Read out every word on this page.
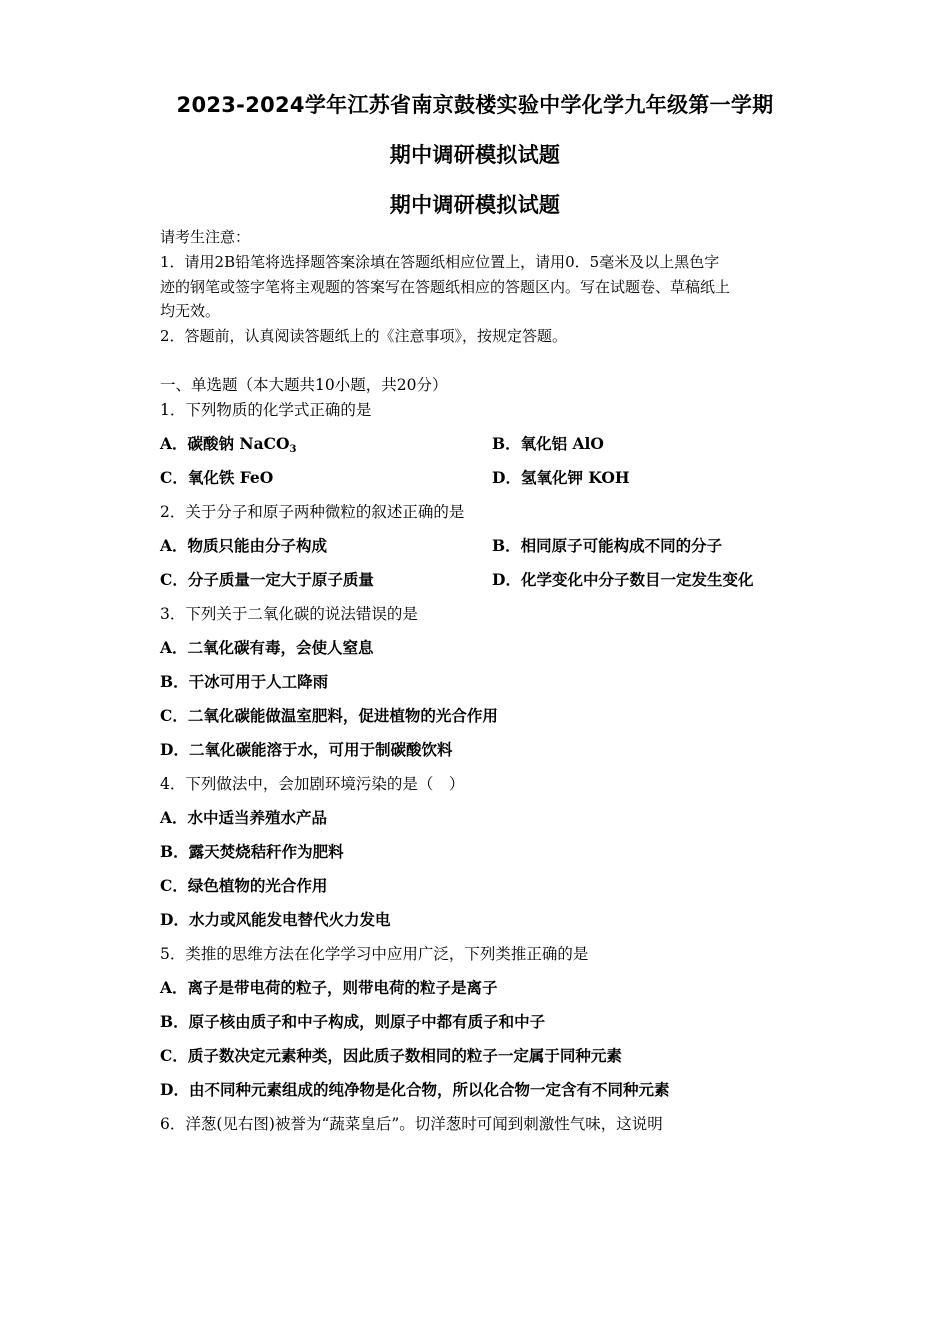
2023-2024学年江苏省南京鼓楼实验中学化学九年级第一学期
期中调研模拟试题
期中调研模拟试题
请考生注意：
1．请用2B铅笔将选择题答案涂填在答题纸相应位置上，请用0．5毫米及以上黑色字
迹的钢笔或签字笔将主观题的答案写在答题纸相应的答题区内。写在试题卷、草稿纸上
均无效。
2．答题前，认真阅读答题纸上的《注意事项》，按规定答题。
一、单选题（本大题共10小题，共20分）
1．下列物质的化学式正确的是
A．碳酸钠 NaCO$_3$	B．氧化铝 AlO
C．氧化铁 FeO	D．氢氧化钾 KOH
2．关于分子和原子两种微粒的叙述正确的是
A．物质只能由分子构成	B．相同原子可能构成不同的分子
C．分子质量一定大于原子质量	D．化学变化中分子数目一定发生变化
3．下列关于二氧化碳的说法错误的是
A．二氧化碳有毒，会使人窒息
B．干冰可用于人工降雨
C．二氧化碳能做温室肥料，促进植物的光合作用
D．二氧化碳能溶于水，可用于制碳酸饮料
4．下列做法中，会加剧环境污染的是（　）
A．水中适当养殖水产品
B．露天焚烧秸秆作为肥料
C．绿色植物的光合作用
D．水力或风能发电替代火力发电
5．类推的思维方法在化学学习中应用广泛，下列类推正确的是
A．离子是带电荷的粒子，则带电荷的粒子是离子
B．原子核由质子和中子构成，则原子中都有质子和中子
C．质子数决定元素种类，因此质子数相同的粒子一定属于同种元素
D．由不同种元素组成的纯净物是化合物，所以化合物一定含有不同种元素
6．洋葱(见右图)被誉为“蔬菜皇后”。切洋葱时可闻到刺激性气味，这说明
